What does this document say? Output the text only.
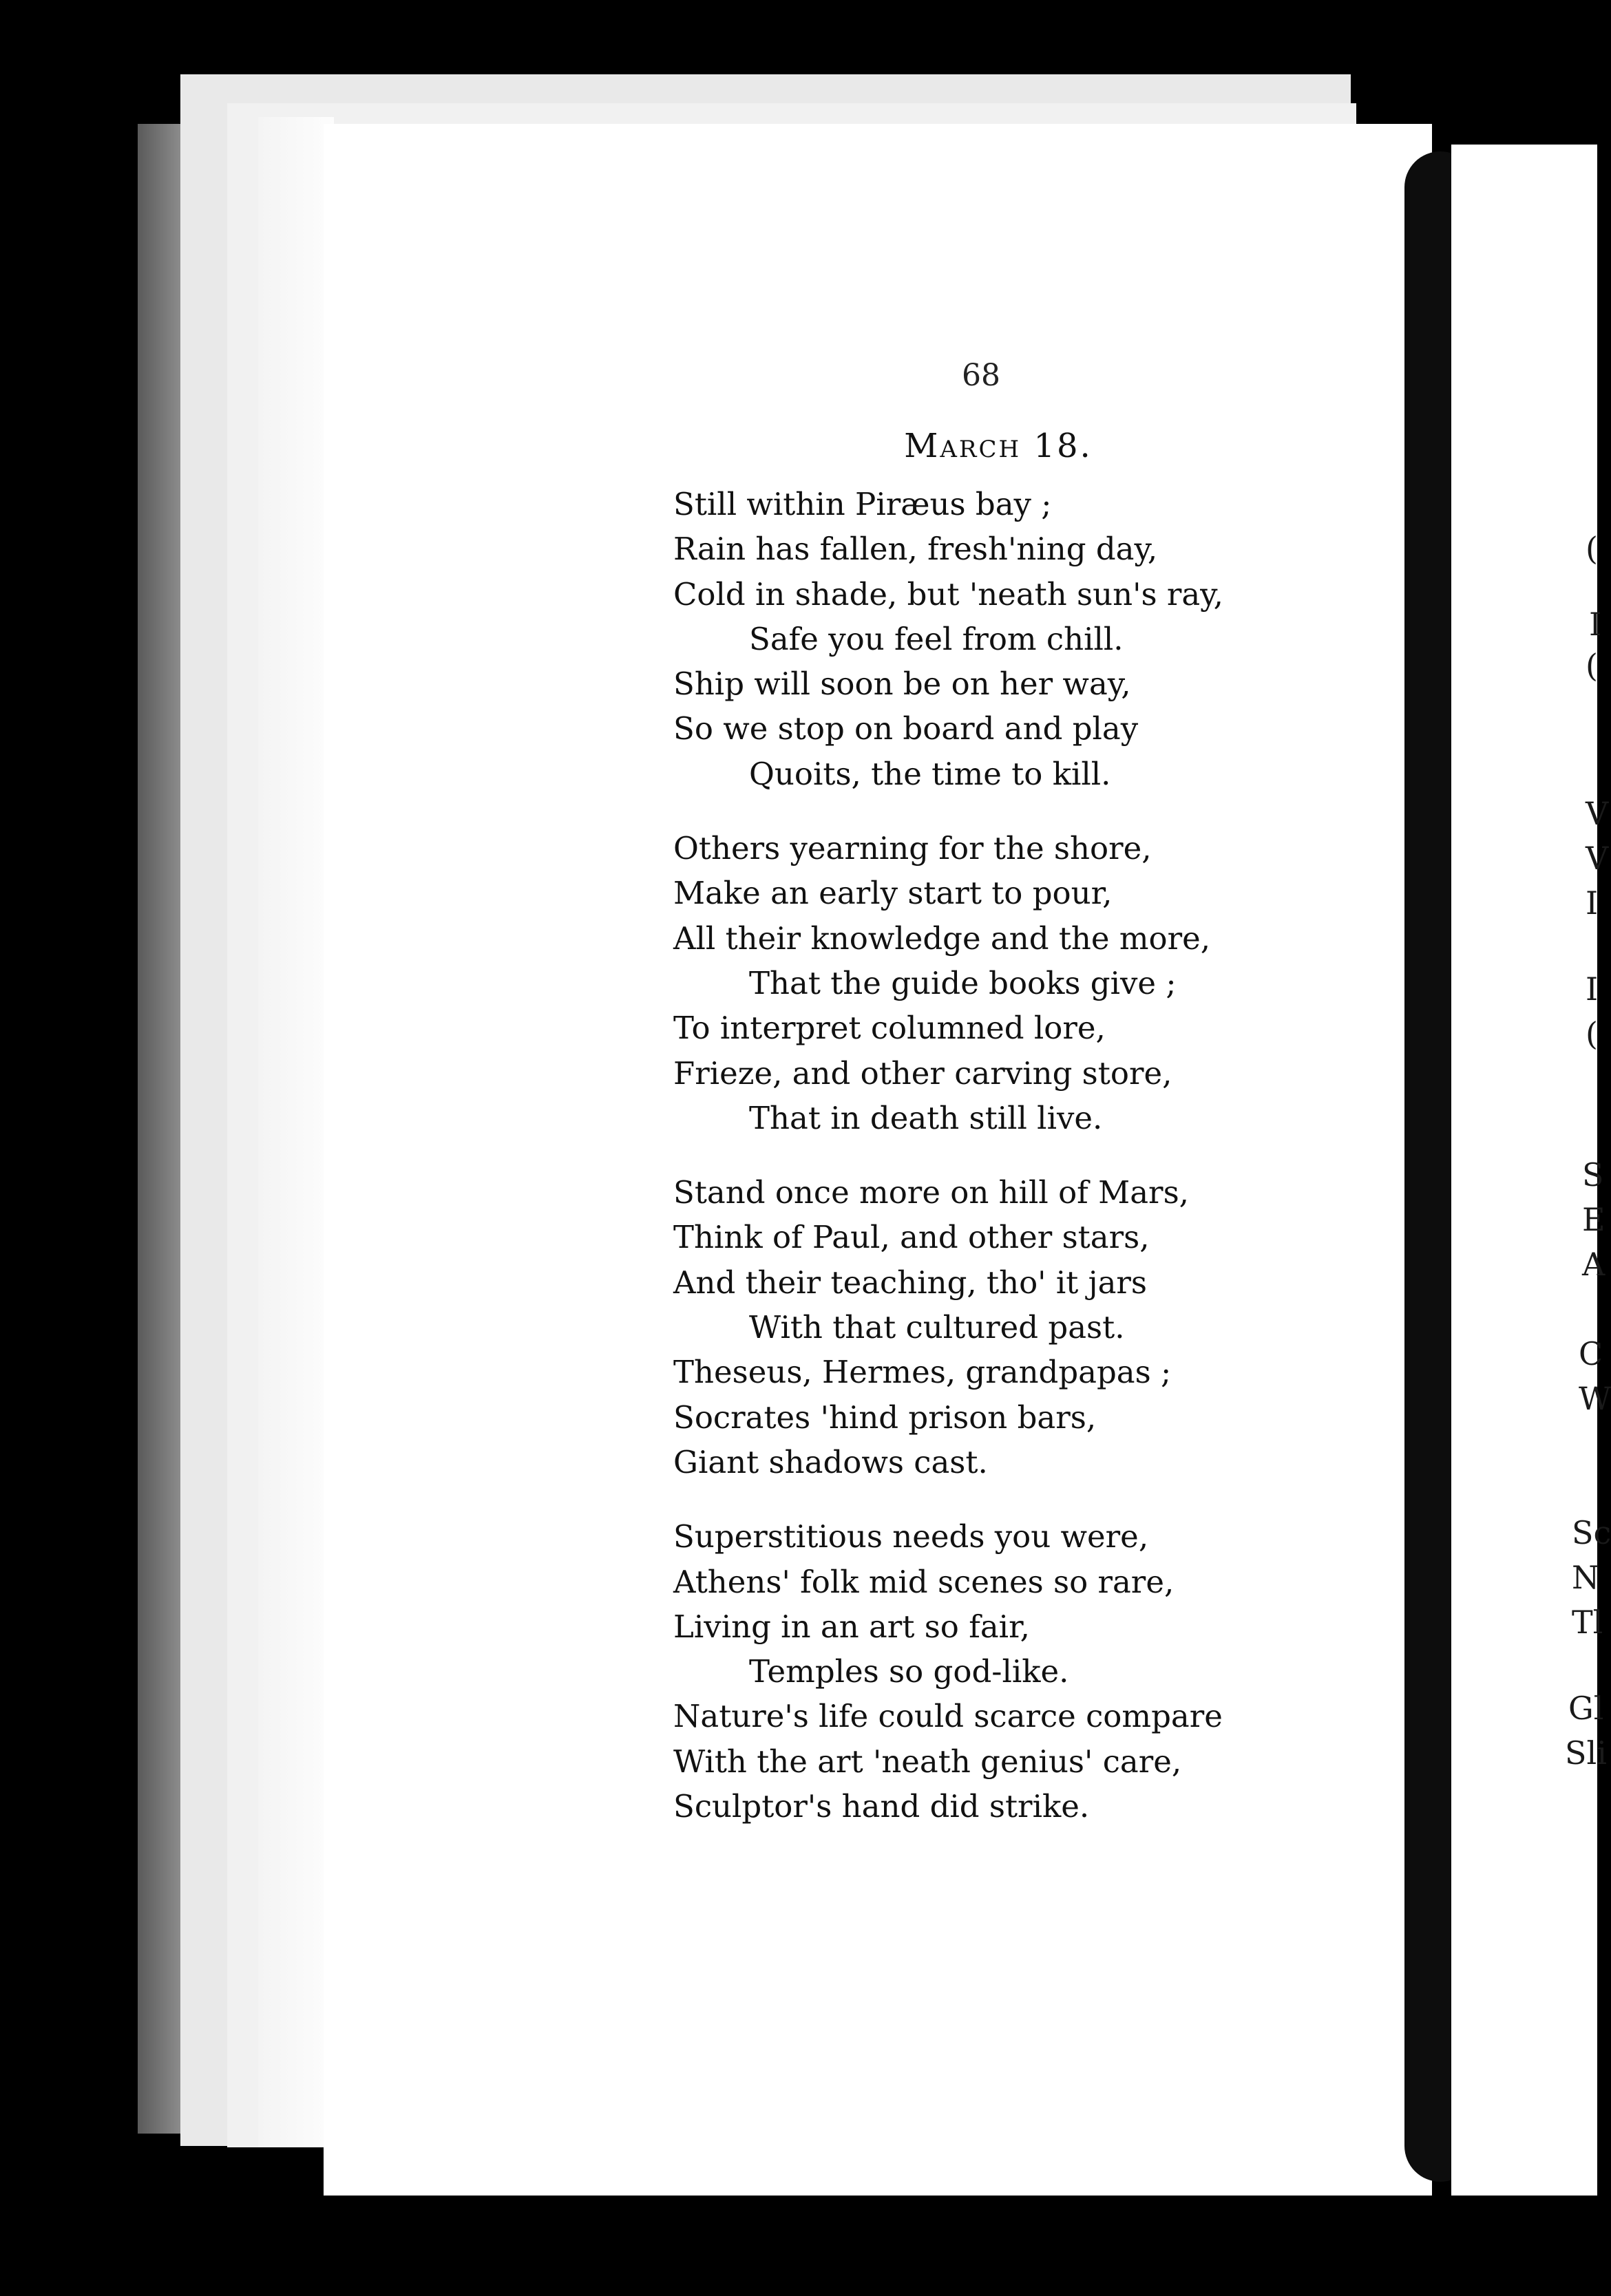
(
I
(
V
V
I
I
(
S
E
A
C
W
Sc
N
Tl
Gl
Sli
68
March 18.
Still within Piræus bay ;
Rain has fallen, fresh'ning day,
Cold in shade, but 'neath sun's ray,
Safe you feel from chill.
Ship will soon be on her way,
So we stop on board and play
Quoits, the time to kill.
Others yearning for the shore,
Make an early start to pour,
All their knowledge and the more,
That the guide books give ;
To interpret columned lore,
Frieze, and other carving store,
That in death still live.
Stand once more on hill of Mars,
Think of Paul, and other stars,
And their teaching, tho' it jars
With that cultured past.
Theseus, Hermes, grandpapas ;
Socrates 'hind prison bars,
Giant shadows cast.
Superstitious needs you were,
Athens' folk mid scenes so rare,
Living in an art so fair,
Temples so god-like.
Nature's life could scarce compare
With the art 'neath genius' care,
Sculptor's hand did strike.
